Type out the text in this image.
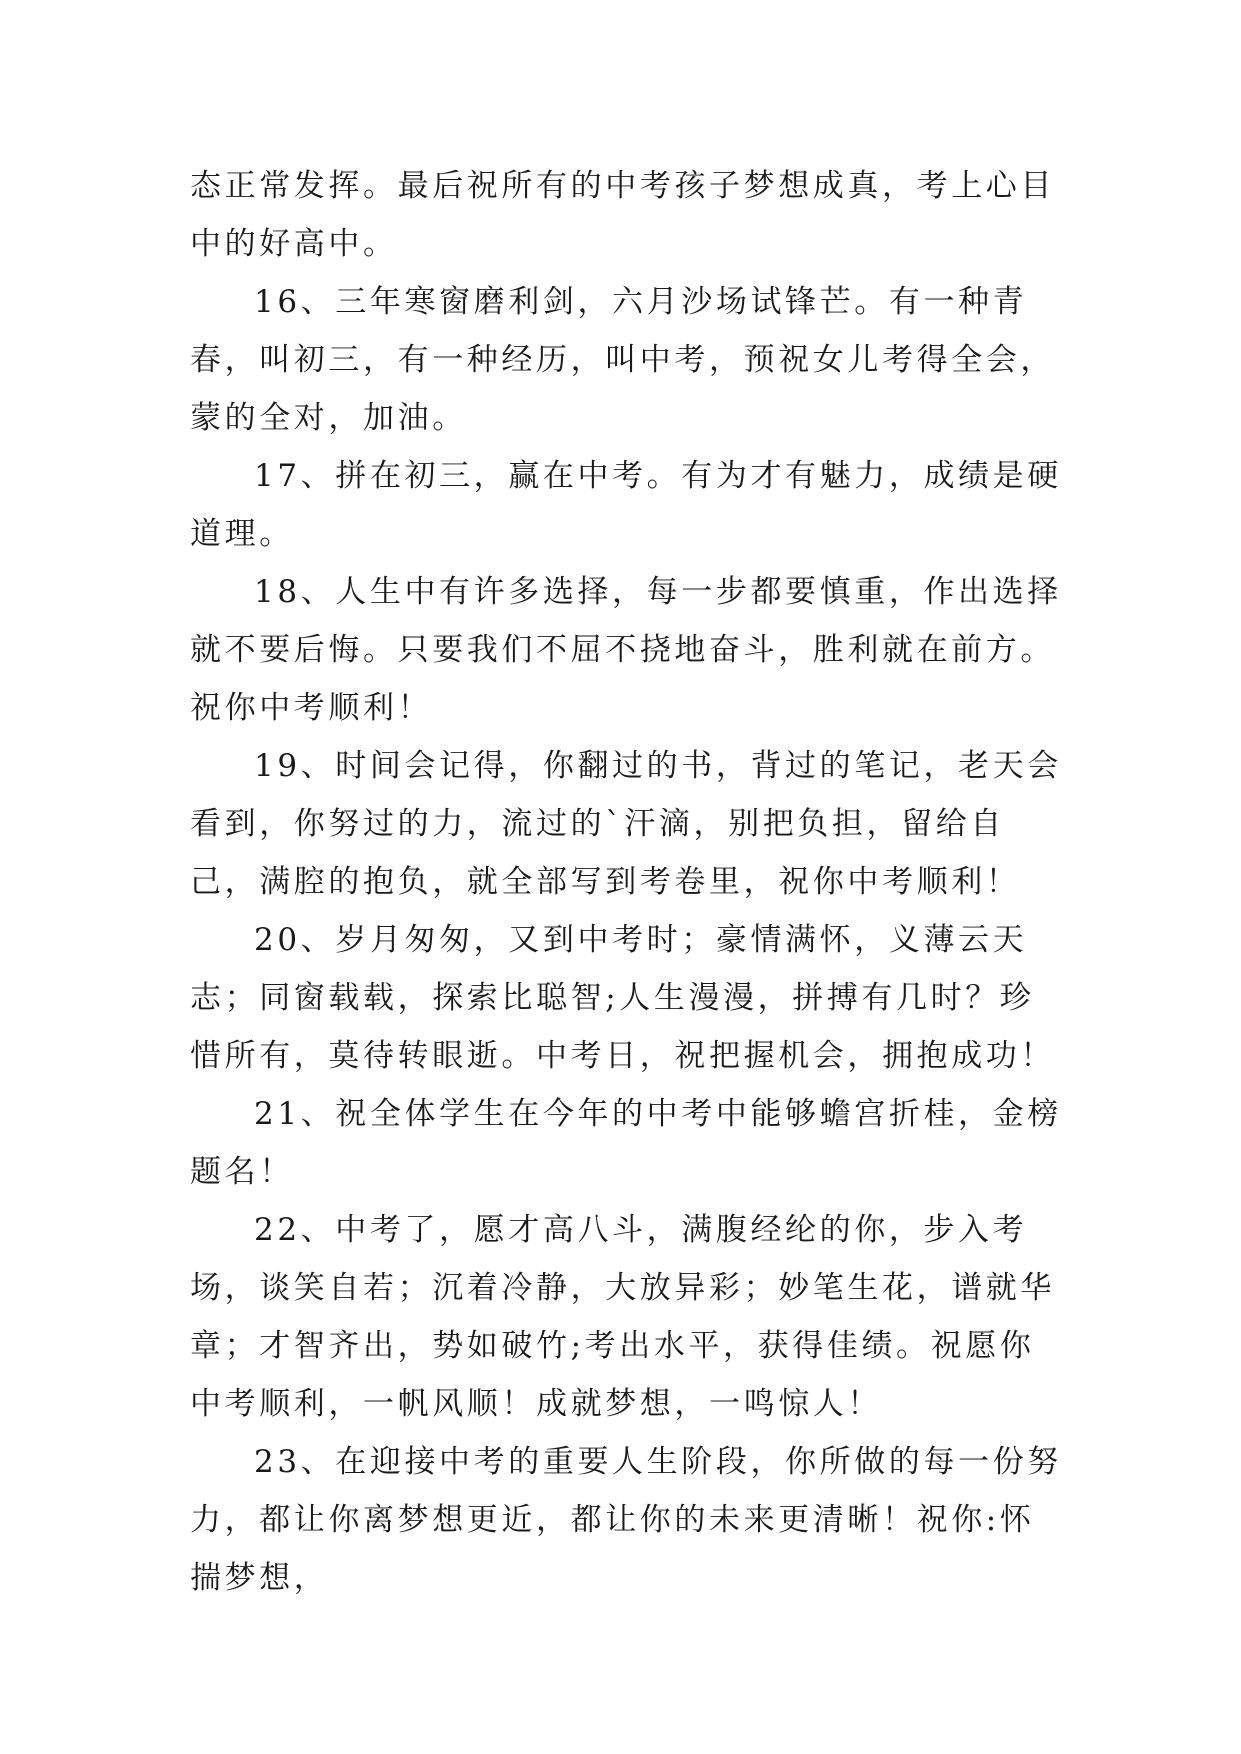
态正常发挥。最后祝所有的中考孩子梦想成真，考上心目中的好高中。

16、三年寒窗磨利剑，六月沙场试锋芒。有一种青春，叫初三，有一种经历，叫中考，预祝女儿考得全会，蒙的全对，加油。

17、拼在初三，赢在中考。有为才有魅力，成绩是硬道理。

18、人生中有许多选择，每一步都要慎重，作出选择就不要后悔。只要我们不屈不挠地奋斗，胜利就在前方。祝你中考顺利！

19、时间会记得，你翻过的书，背过的笔记，老天会看到，你努过的力，流过的`汗滴，别把负担，留给自己，满腔的抱负，就全部写到考卷里，祝你中考顺利！

20、岁月匆匆，又到中考时；豪情满怀，义薄云天志；同窗载载，探索比聪智;人生漫漫，拼搏有几时？珍惜所有，莫待转眼逝。中考日，祝把握机会，拥抱成功！

21、祝全体学生在今年的中考中能够蟾宫折桂，金榜题名！

22、中考了，愿才高八斗，满腹经纶的你，步入考场，谈笑自若；沉着冷静，大放异彩；妙笔生花，谱就华章；才智齐出，势如破竹;考出水平，获得佳绩。祝愿你中考顺利，一帆风顺！成就梦想，一鸣惊人！

23、在迎接中考的重要人生阶段，你所做的每一份努力，都让你离梦想更近，都让你的未来更清晰！祝你:怀揣梦想，
